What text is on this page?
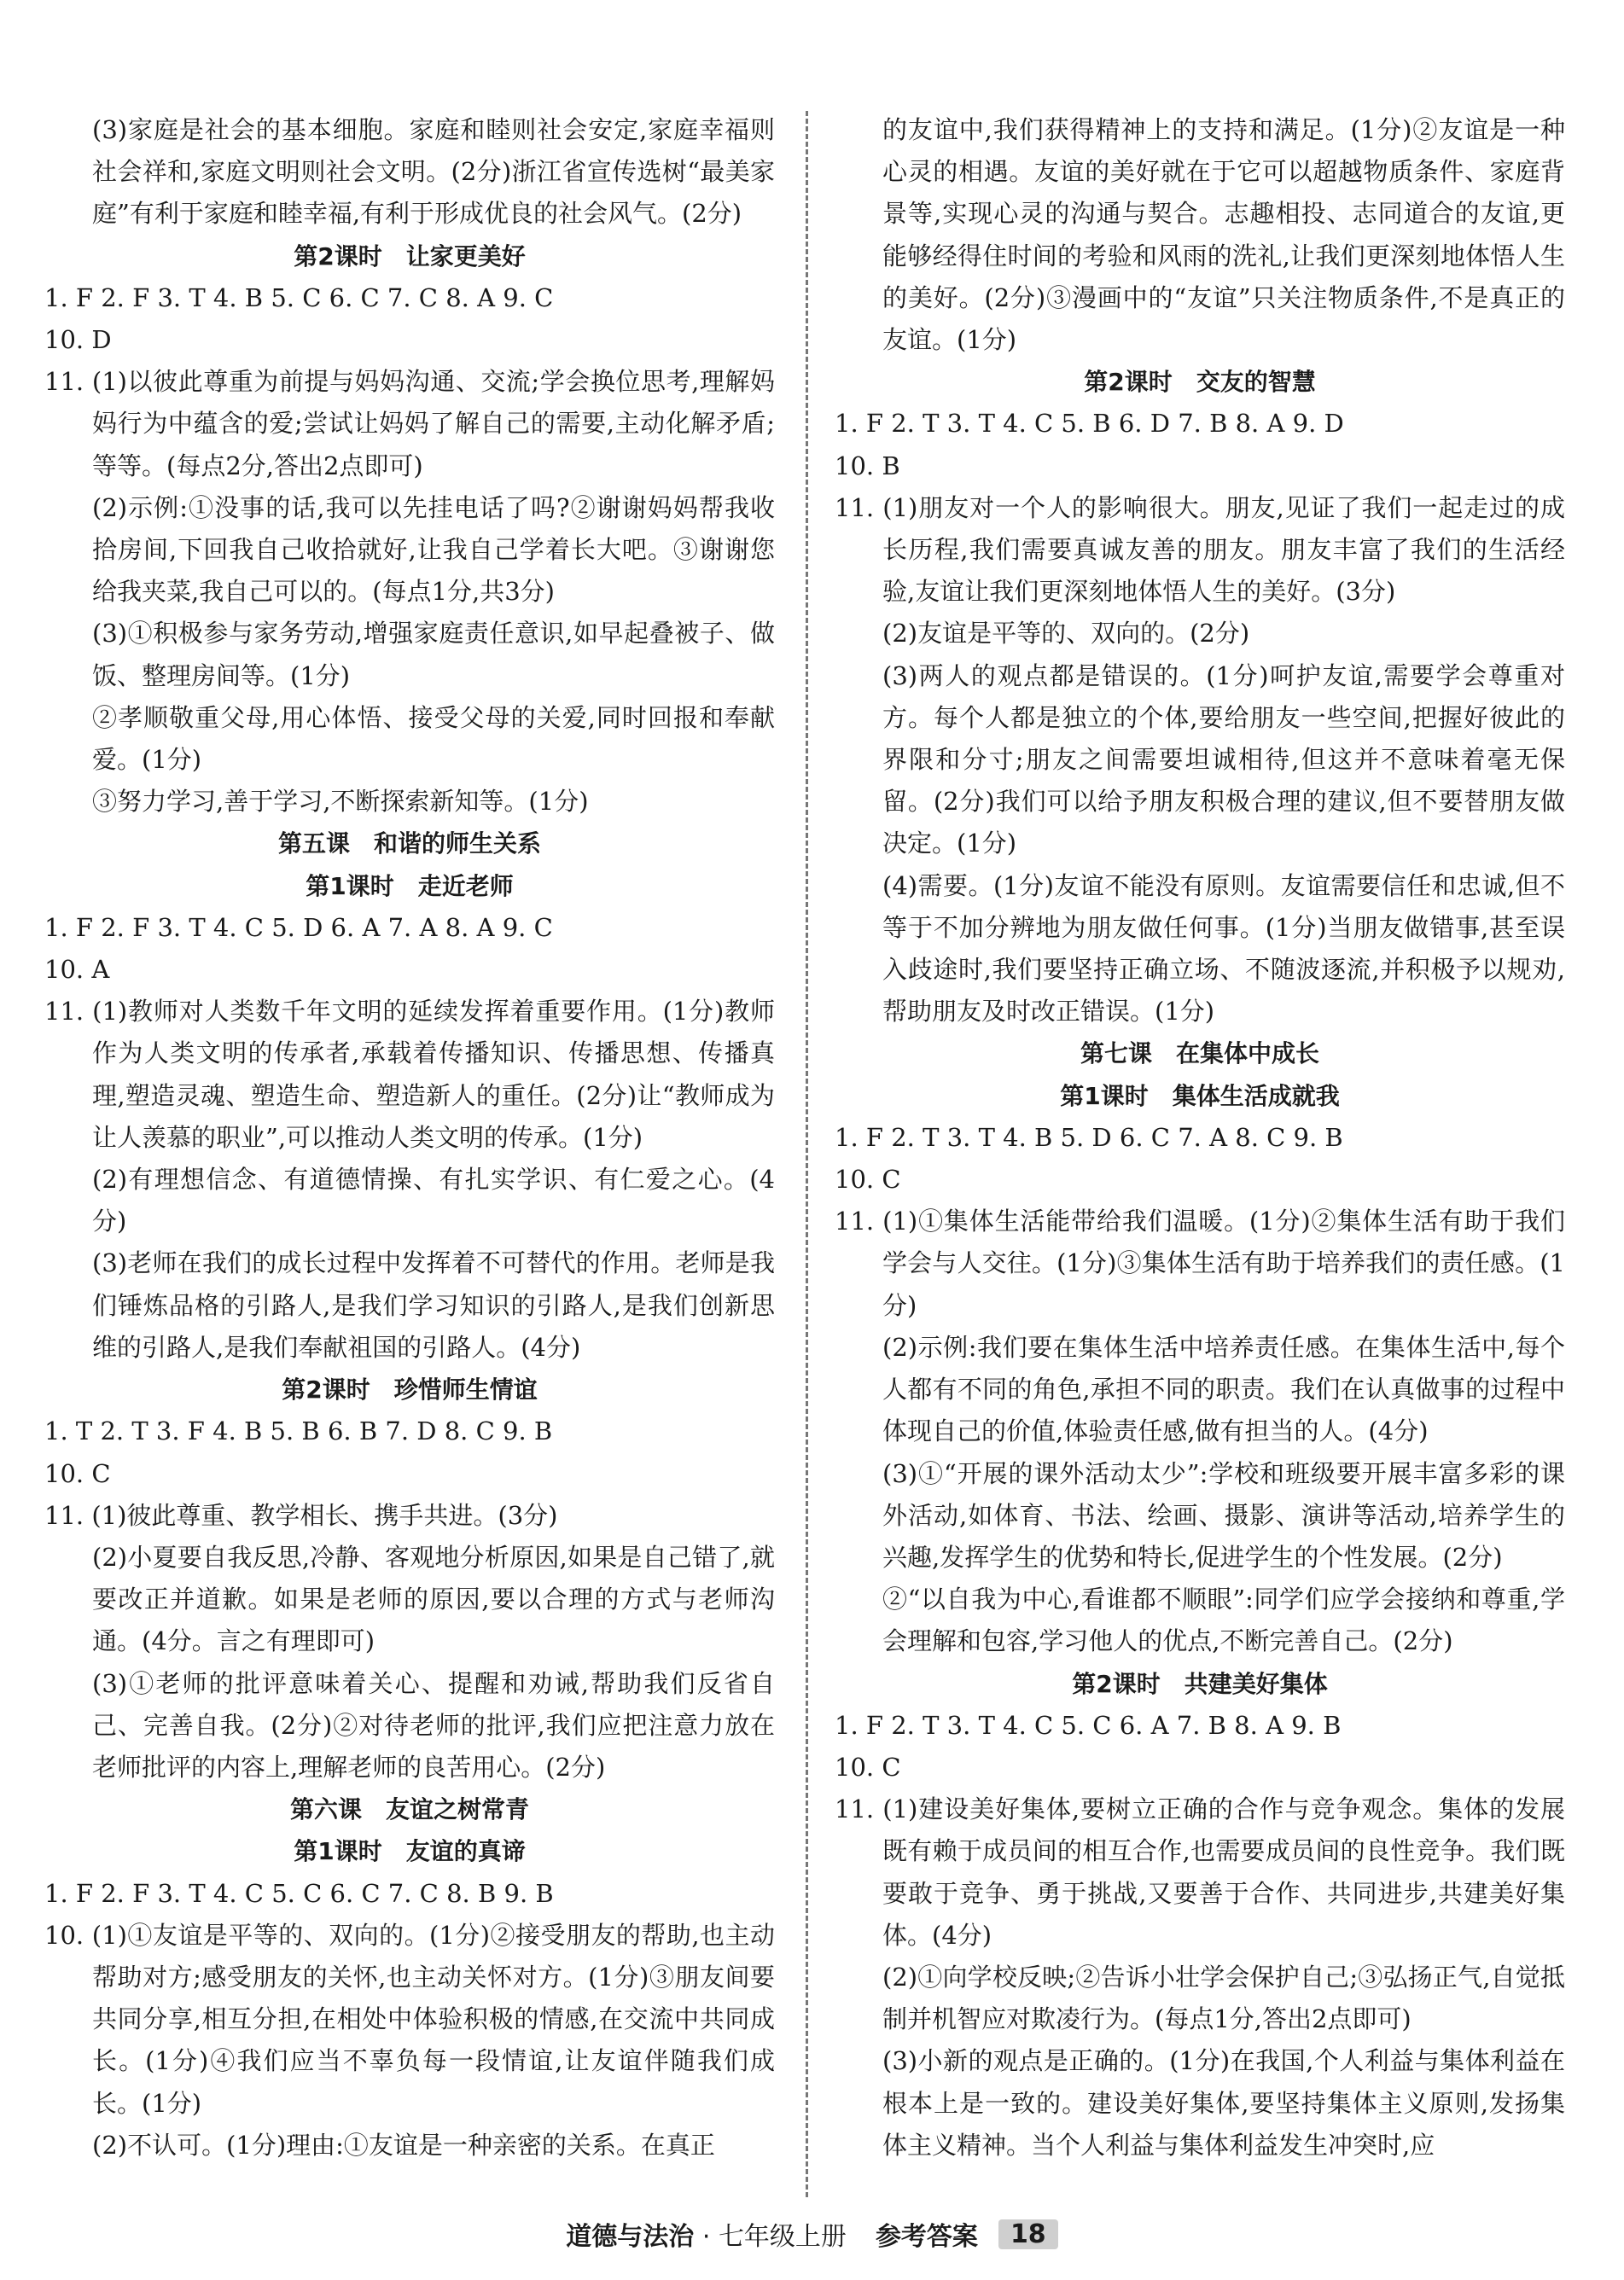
(3)家庭是社会的基本细胞。家庭和睦则社会安定,家庭幸福则社会祥和,家庭文明则社会文明。(2分)浙江省宣传选树“最美家庭”有利于家庭和睦幸福,有利于形成优良的社会风气。(2分)

第2课时　让家更美好

1. F 2. F 3. T 4. B 5. C 6. C 7. C 8. A 9. C

10. D

11. (1)以彼此尊重为前提与妈妈沟通、交流;学会换位思考,理解妈妈行为中蕴含的爱;尝试让妈妈了解自己的需要,主动化解矛盾;等等。(每点2分,答出2点即可)

(2)示例:①没事的话,我可以先挂电话了吗?②谢谢妈妈帮我收拾房间,下回我自己收拾就好,让我自己学着长大吧。③谢谢您给我夹菜,我自己可以的。(每点1分,共3分)

(3)①积极参与家务劳动,增强家庭责任意识,如早起叠被子、做饭、整理房间等。(1分)

②孝顺敬重父母,用心体悟、接受父母的关爱,同时回报和奉献爱。(1分)

③努力学习,善于学习,不断探索新知等。(1分)

第五课　和谐的师生关系

第1课时　走近老师

1. F 2. F 3. T 4. C 5. D 6. A 7. A 8. A 9. C

10. A

11. (1)教师对人类数千年文明的延续发挥着重要作用。(1分)教师作为人类文明的传承者,承载着传播知识、传播思想、传播真理,塑造灵魂、塑造生命、塑造新人的重任。(2分)让“教师成为让人羡慕的职业”,可以推动人类文明的传承。(1分)

(2)有理想信念、有道德情操、有扎实学识、有仁爱之心。(4分)

(3)老师在我们的成长过程中发挥着不可替代的作用。老师是我们锤炼品格的引路人,是我们学习知识的引路人,是我们创新思维的引路人,是我们奉献祖国的引路人。(4分)

第2课时　珍惜师生情谊

1. T 2. T 3. F 4. B 5. B 6. B 7. D 8. C 9. B

10. C

11. (1)彼此尊重、教学相长、携手共进。(3分)

(2)小夏要自我反思,冷静、客观地分析原因,如果是自己错了,就要改正并道歉。如果是老师的原因,要以合理的方式与老师沟通。(4分。言之有理即可)

(3)①老师的批评意味着关心、提醒和劝诫,帮助我们反省自己、完善自我。(2分)②对待老师的批评,我们应把注意力放在老师批评的内容上,理解老师的良苦用心。(2分)

第六课　友谊之树常青

第1课时　友谊的真谛

1. F 2. F 3. T 4. C 5. C 6. C 7. C 8. B 9. B

10. (1)①友谊是平等的、双向的。(1分)②接受朋友的帮助,也主动帮助对方;感受朋友的关怀,也主动关怀对方。(1分)③朋友间要共同分享,相互分担,在相处中体验积极的情感,在交流中共同成长。(1分)④我们应当不辜负每一段情谊,让友谊伴随我们成长。(1分)

(2)不认可。(1分)理由:①友谊是一种亲密的关系。在真正

的友谊中,我们获得精神上的支持和满足。(1分)②友谊是一种心灵的相遇。友谊的美好就在于它可以超越物质条件、家庭背景等,实现心灵的沟通与契合。志趣相投、志同道合的友谊,更能够经得住时间的考验和风雨的洗礼,让我们更深刻地体悟人生的美好。(2分)③漫画中的“友谊”只关注物质条件,不是真正的友谊。(1分)

第2课时　交友的智慧

1. F 2. T 3. T 4. C 5. B 6. D 7. B 8. A 9. D

10. B

11. (1)朋友对一个人的影响很大。朋友,见证了我们一起走过的成长历程,我们需要真诚友善的朋友。朋友丰富了我们的生活经验,友谊让我们更深刻地体悟人生的美好。(3分)

(2)友谊是平等的、双向的。(2分)

(3)两人的观点都是错误的。(1分)呵护友谊,需要学会尊重对方。每个人都是独立的个体,要给朋友一些空间,把握好彼此的界限和分寸;朋友之间需要坦诚相待,但这并不意味着毫无保留。(2分)我们可以给予朋友积极合理的建议,但不要替朋友做决定。(1分)

(4)需要。(1分)友谊不能没有原则。友谊需要信任和忠诚,但不等于不加分辨地为朋友做任何事。(1分)当朋友做错事,甚至误入歧途时,我们要坚持正确立场、不随波逐流,并积极予以规劝,帮助朋友及时改正错误。(1分)

第七课　在集体中成长

第1课时　集体生活成就我

1. F 2. T 3. T 4. B 5. D 6. C 7. A 8. C 9. B

10. C

11. (1)①集体生活能带给我们温暖。(1分)②集体生活有助于我们学会与人交往。(1分)③集体生活有助于培养我们的责任感。(1分)

(2)示例:我们要在集体生活中培养责任感。在集体生活中,每个人都有不同的角色,承担不同的职责。我们在认真做事的过程中体现自己的价值,体验责任感,做有担当的人。(4分)

(3)①“开展的课外活动太少”:学校和班级要开展丰富多彩的课外活动,如体育、书法、绘画、摄影、演讲等活动,培养学生的兴趣,发挥学生的优势和特长,促进学生的个性发展。(2分)

②“以自我为中心,看谁都不顺眼”:同学们应学会接纳和尊重,学会理解和包容,学习他人的优点,不断完善自己。(2分)

第2课时　共建美好集体

1. F 2. T 3. T 4. C 5. C 6. A 7. B 8. A 9. B

10. C

11. (1)建设美好集体,要树立正确的合作与竞争观念。集体的发展既有赖于成员间的相互合作,也需要成员间的良性竞争。我们既要敢于竞争、勇于挑战,又要善于合作、共同进步,共建美好集体。(4分)

(2)①向学校反映;②告诉小壮学会保护自己;③弘扬正气,自觉抵制并机智应对欺凌行为。(每点1分,答出2点即可)

(3)小新的观点是正确的。(1分)在我国,个人利益与集体利益在根本上是一致的。建设美好集体,要坚持集体主义原则,发扬集体主义精神。当个人利益与集体利益发生冲突时,应

道德与法治 · 七年级上册 参考答案	18
